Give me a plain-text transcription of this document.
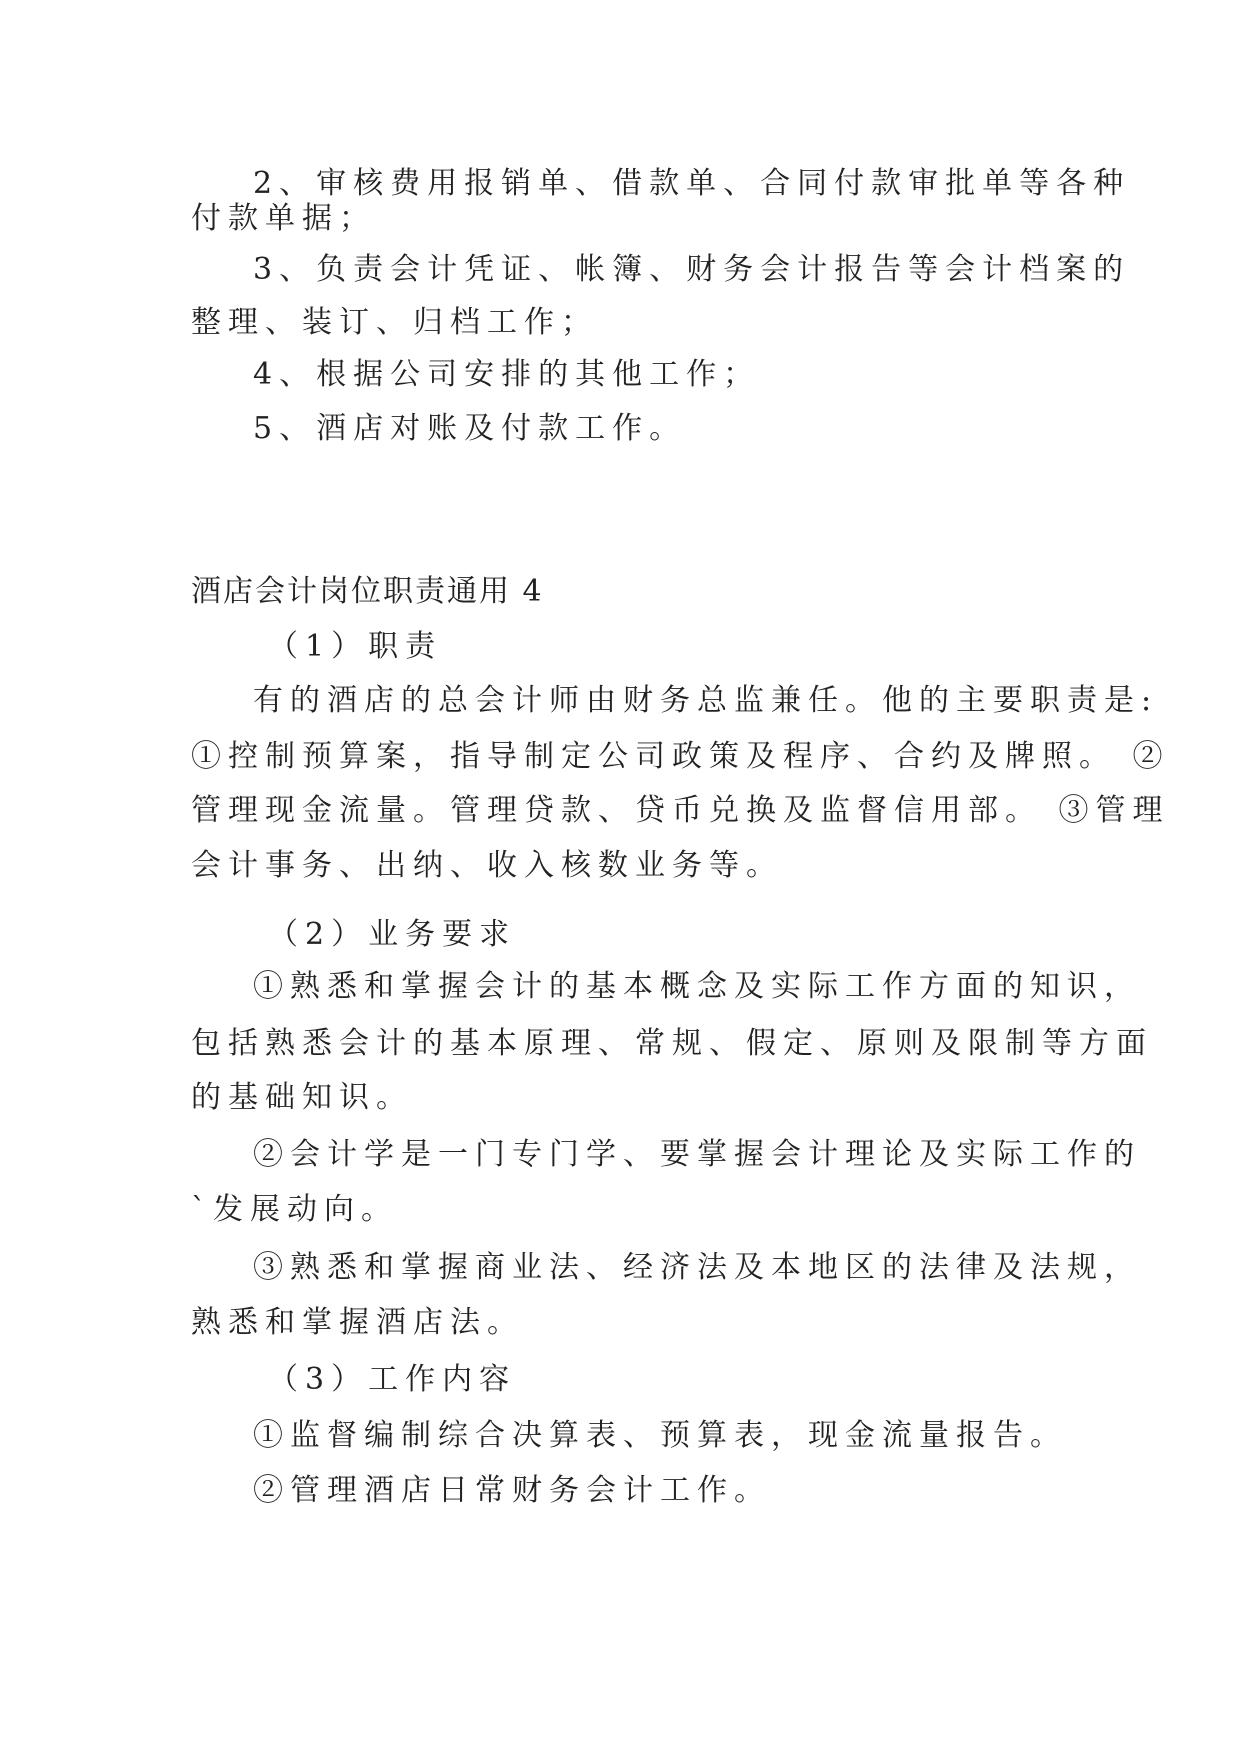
2、审核费用报销单、借款单、合同付款审批单等各种
付款单据；
3、负责会计凭证、帐簿、财务会计报告等会计档案的
整理、装订、归档工作；
4、根据公司安排的其他工作；
5、酒店对账及付款工作。
酒店会计岗位职责通用 4
（1）职责
有的酒店的总会计师由财务总监兼任。他的主要职责是:
①控制预算案，指导制定公司政策及程序、合约及牌照。 ②
管理现金流量。管理贷款、贷币兑换及监督信用部。 ③管理
会计事务、出纳、收入核数业务等。
（2）业务要求
①熟悉和掌握会计的基本概念及实际工作方面的知识，
包括熟悉会计的基本原理、常规、假定、原则及限制等方面
的基础知识。
②会计学是一门专门学、要掌握会计理论及实际工作的
`发展动向。
③熟悉和掌握商业法、经济法及本地区的法律及法规，
熟悉和掌握酒店法。
（3）工作内容
①监督编制综合决算表、预算表，现金流量报告。
②管理酒店日常财务会计工作。
